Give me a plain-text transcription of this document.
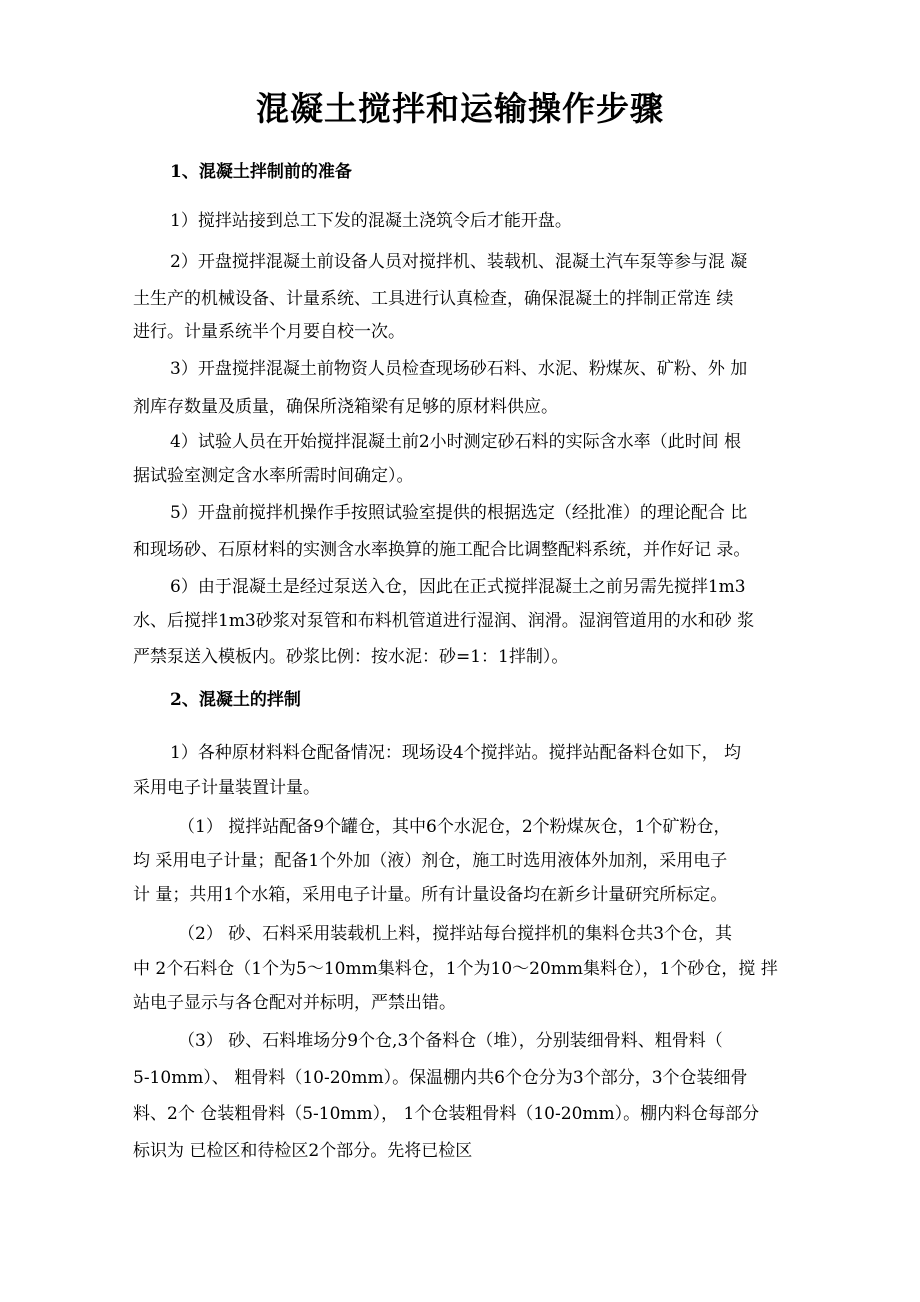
混凝土搅拌和运输操作步骤
1、混凝土拌制前的准备
1）搅拌站接到总工下发的混凝土浇筑令后才能开盘。
2）开盘搅拌混凝土前设备人员对搅拌机、装载机、混凝土汽车泵等参与混 凝
土生产的机械设备、计量系统、工具进行认真检查，确保混凝土的拌制正常连 续
进行。计量系统半个月要自校一次。
3）开盘搅拌混凝土前物资人员检查现场砂石料、水泥、粉煤灰、矿粉、外 加
剂库存数量及质量，确保所浇箱梁有足够的原材料供应。
4）试验人员在开始搅拌混凝土前2小时测定砂石料的实际含水率（此时间 根
据试验室测定含水率所需时间确定）。
5）开盘前搅拌机操作手按照试验室提供的根据选定（经批准）的理论配合 比
和现场砂、石原材料的实测含水率换算的施工配合比调整配料系统，并作好记 录。
6）由于混凝土是经过泵送入仓，因此在正式搅拌混凝土之前另需先搅拌1m3
水、后搅拌1m3砂浆对泵管和布料机管道进行湿润、润滑。湿润管道用的水和砂 浆
严禁泵送入模板内。砂浆比例：按水泥：砂=1：1拌制）。
2、混凝土的拌制
1）各种原材料料仓配备情况：现场设4个搅拌站。搅拌站配备料仓如下， 均
采用电子计量装置计量。
（1） 搅拌站配备9个罐仓，其中6个水泥仓，2个粉煤灰仓，1个矿粉仓，
均 采用电子计量；配备1个外加（液）剂仓，施工时选用液体外加剂，采用电子
计 量；共用1个水箱，采用电子计量。所有计量设备均在新乡计量研究所标定。
（2） 砂、石料采用装载机上料，搅拌站每台搅拌机的集料仓共3个仓，其
中 2个石料仓（1个为5～10mm集料仓，1个为10～20mm集料仓），1个砂仓，搅 拌
站电子显示与各仓配对并标明，严禁出错。
（3） 砂、石料堆场分9个仓,3个备料仓（堆），分别装细骨料、粗骨料（
5-10mm）、 粗骨料（10-20mm）。保温棚内共6个仓分为3个部分，3个仓装细骨
料、2个 仓装粗骨料（5-10mm）， 1个仓装粗骨料（10-20mm）。棚内料仓每部分
标识为 已检区和待检区2个部分。先将已检区
